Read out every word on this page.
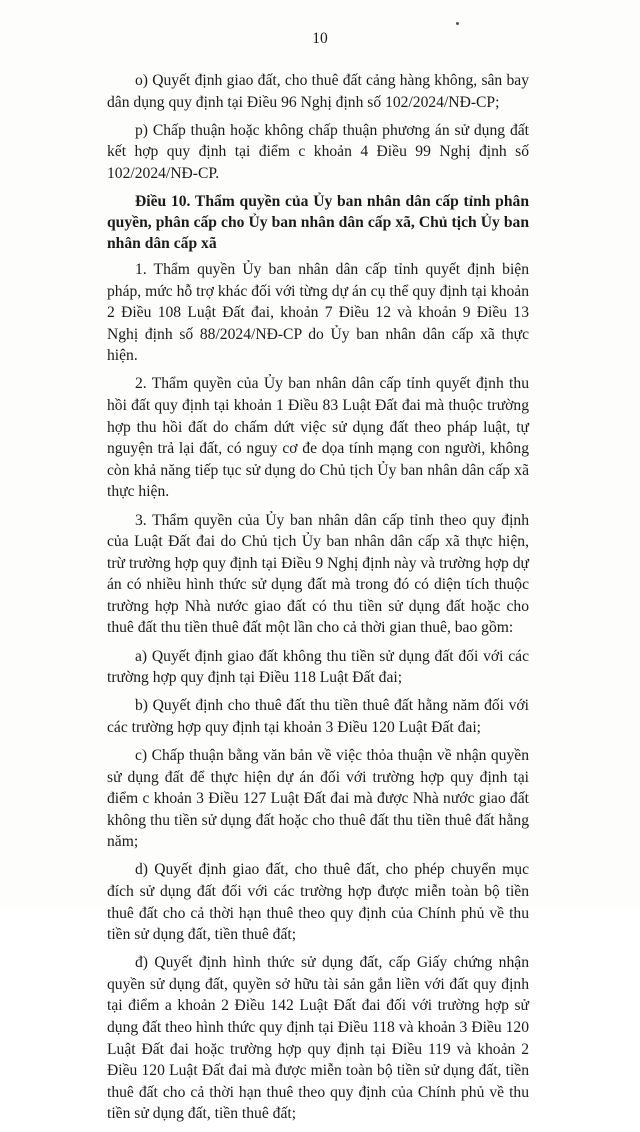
10

o) Quyết định giao đất, cho thuê đất cảng hàng không, sân bay dân dụng quy định tại Điều 96 Nghị định số 102/2024/NĐ-CP;

p) Chấp thuận hoặc không chấp thuận phương án sử dụng đất kết hợp quy định tại điểm c khoản 4 Điều 99 Nghị định số 102/2024/NĐ-CP.

Điều 10. Thẩm quyền của Ủy ban nhân dân cấp tỉnh phân quyền, phân cấp cho Ủy ban nhân dân cấp xã, Chủ tịch Ủy ban nhân dân cấp xã

1. Thẩm quyền Ủy ban nhân dân cấp tỉnh quyết định biện pháp, mức hỗ trợ khác đối với từng dự án cụ thể quy định tại khoản 2 Điều 108 Luật Đất đai, khoản 7 Điều 12 và khoản 9 Điều 13 Nghị định số 88/2024/NĐ-CP do Ủy ban nhân dân cấp xã thực hiện.

2. Thẩm quyền của Ủy ban nhân dân cấp tỉnh quyết định thu hồi đất quy định tại khoản 1 Điều 83 Luật Đất đai mà thuộc trường hợp thu hồi đất do chấm dứt việc sử dụng đất theo pháp luật, tự nguyện trả lại đất, có nguy cơ đe dọa tính mạng con người, không còn khả năng tiếp tục sử dụng do Chủ tịch Ủy ban nhân dân cấp xã thực hiện.

3. Thẩm quyền của Ủy ban nhân dân cấp tỉnh theo quy định của Luật Đất đai do Chủ tịch Ủy ban nhân dân cấp xã thực hiện, trừ trường hợp quy định tại Điều 9 Nghị định này và trường hợp dự án có nhiều hình thức sử dụng đất mà trong đó có diện tích thuộc trường hợp Nhà nước giao đất có thu tiền sử dụng đất hoặc cho thuê đất thu tiền thuê đất một lần cho cả thời gian thuê, bao gồm:

a) Quyết định giao đất không thu tiền sử dụng đất đối với các trường hợp quy định tại Điều 118 Luật Đất đai;

b) Quyết định cho thuê đất thu tiền thuê đất hằng năm đối với các trường hợp quy định tại khoản 3 Điều 120 Luật Đất đai;

c) Chấp thuận bằng văn bản về việc thỏa thuận về nhận quyền sử dụng đất để thực hiện dự án đối với trường hợp quy định tại điểm c khoản 3 Điều 127 Luật Đất đai mà được Nhà nước giao đất không thu tiền sử dụng đất hoặc cho thuê đất thu tiền thuê đất hằng năm;

d) Quyết định giao đất, cho thuê đất, cho phép chuyển mục đích sử dụng đất đối với các trường hợp được miễn toàn bộ tiền thuê đất cho cả thời hạn thuê theo quy định của Chính phủ về thu tiền sử dụng đất, tiền thuê đất;

đ) Quyết định hình thức sử dụng đất, cấp Giấy chứng nhận quyền sử dụng đất, quyền sở hữu tài sản gắn liền với đất quy định tại điểm a khoản 2 Điều 142 Luật Đất đai đối với trường hợp sử dụng đất theo hình thức quy định tại Điều 118 và khoản 3 Điều 120 Luật Đất đai hoặc trường hợp quy định tại Điều 119 và khoản 2 Điều 120 Luật Đất đai mà được miễn toàn bộ tiền sử dụng đất, tiền thuê đất cho cả thời hạn thuê theo quy định của Chính phủ về thu tiền sử dụng đất, tiền thuê đất;
